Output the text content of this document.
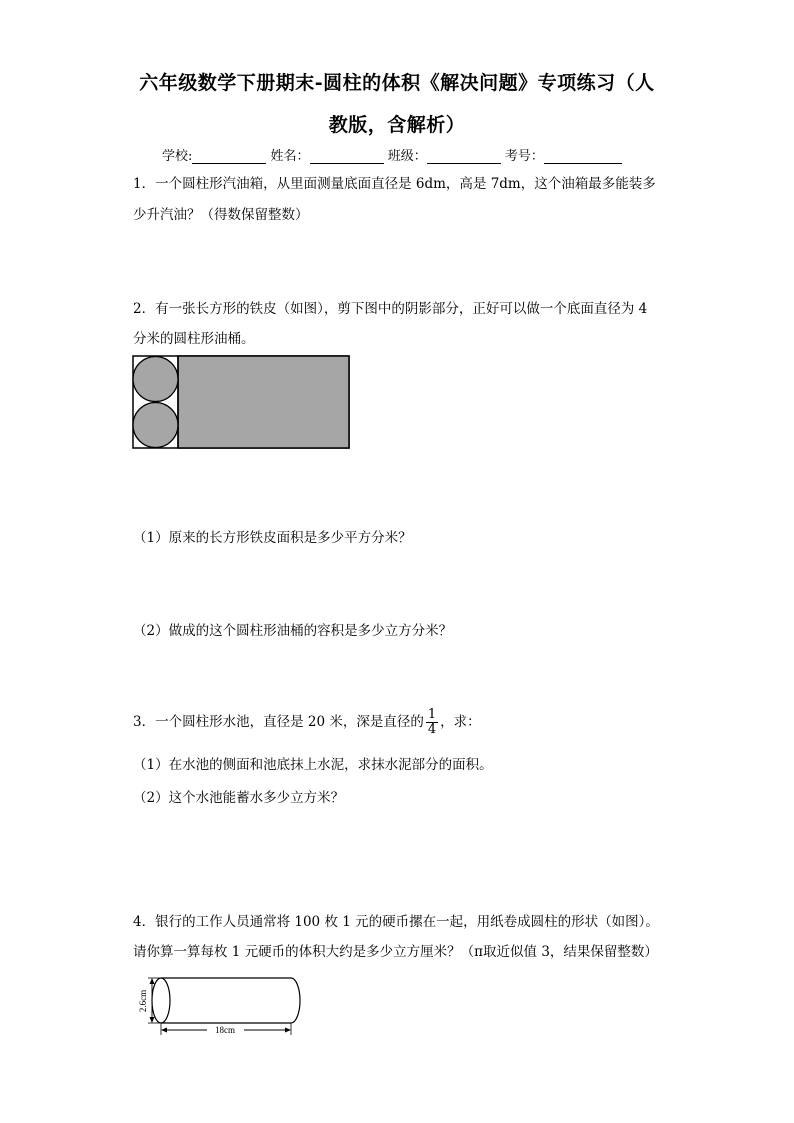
六年级数学下册期末-圆柱的体积《解决问题》专项练习（人
教版，含解析）
学校:	姓名：	班级：	考号：
1．一个圆柱形汽油箱，从里面测量底面直径是 6dm，高是 7dm，这个油箱最多能装多
少升汽油？（得数保留整数）
2．有一张长方形的铁皮（如图），剪下图中的阴影部分，正好可以做一个底面直径为 4
分米的圆柱形油桶。
（1）原来的长方形铁皮面积是多少平方分米？
（2）做成的这个圆柱形油桶的容积是多少立方分米？
3．一个圆柱形水池，直径是 20 米，深是直径的 $\frac{1}{4}$ ，求：
（1）在水池的侧面和池底抹上水泥，求抹水泥部分的面积。
（2）这个水池能蓄水多少立方米？
4．银行的工作人员通常将 100 枚 1 元的硬币摞在一起，用纸卷成圆柱的形状（如图）。
请你算一算每枚 1 元硬币的体积大约是多少立方厘米？（π取近似值 3，结果保留整数）
2.6cm
18cm
